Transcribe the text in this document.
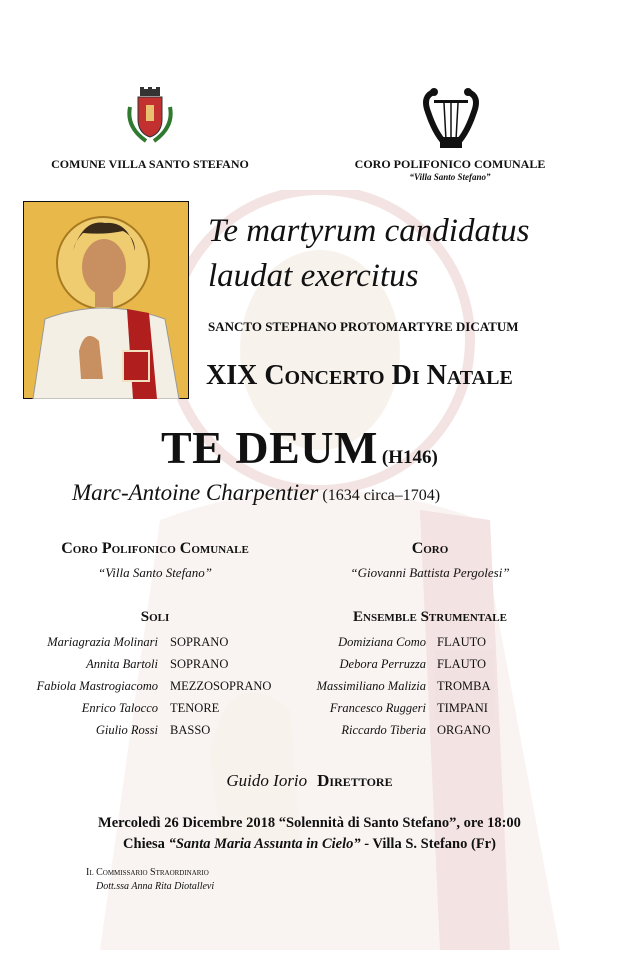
COMUNE VILLA SANTO STEFANO	CORO POLIFONICO COMUNALE
“Villa Santo Stefano”
Te martyrum candidatus
laudat exercitus
SANCTO STEPHANO PROTOMARTYRE DICATUM
XIX Concerto Di Natale
TE DEUM (H146)
Marc-Antoine Charpentier (1634 circa–1704)
Coro Polifonico Comunale
“Villa Santo Stefano”
Coro
“Giovanni Battista Pergolesi”
Soli	Ensemble Strumentale
Mariagrazia Molinari SOPRANO
Annita Bartoli SOPRANO
Fabiola Mastrogiacomo MEZZOSOPRANO
Enrico Talocco TENORE
Giulio Rossi BASSO
Domiziana Como FLAUTO
Debora Perruzza FLAUTO
Massimiliano Malizia TROMBA
Francesco Ruggeri TIMPANI
Riccardo Tiberia ORGANO
Guido Iorio Direttore
Mercoledì 26 Dicembre 2018 “Solennità di Santo Stefano”, ore 18:00
Chiesa “Santa Maria Assunta in Cielo” - Villa S. Stefano (Fr)
Il Commissario Straordinario
Dott.ssa Anna Rita Diotallevi
